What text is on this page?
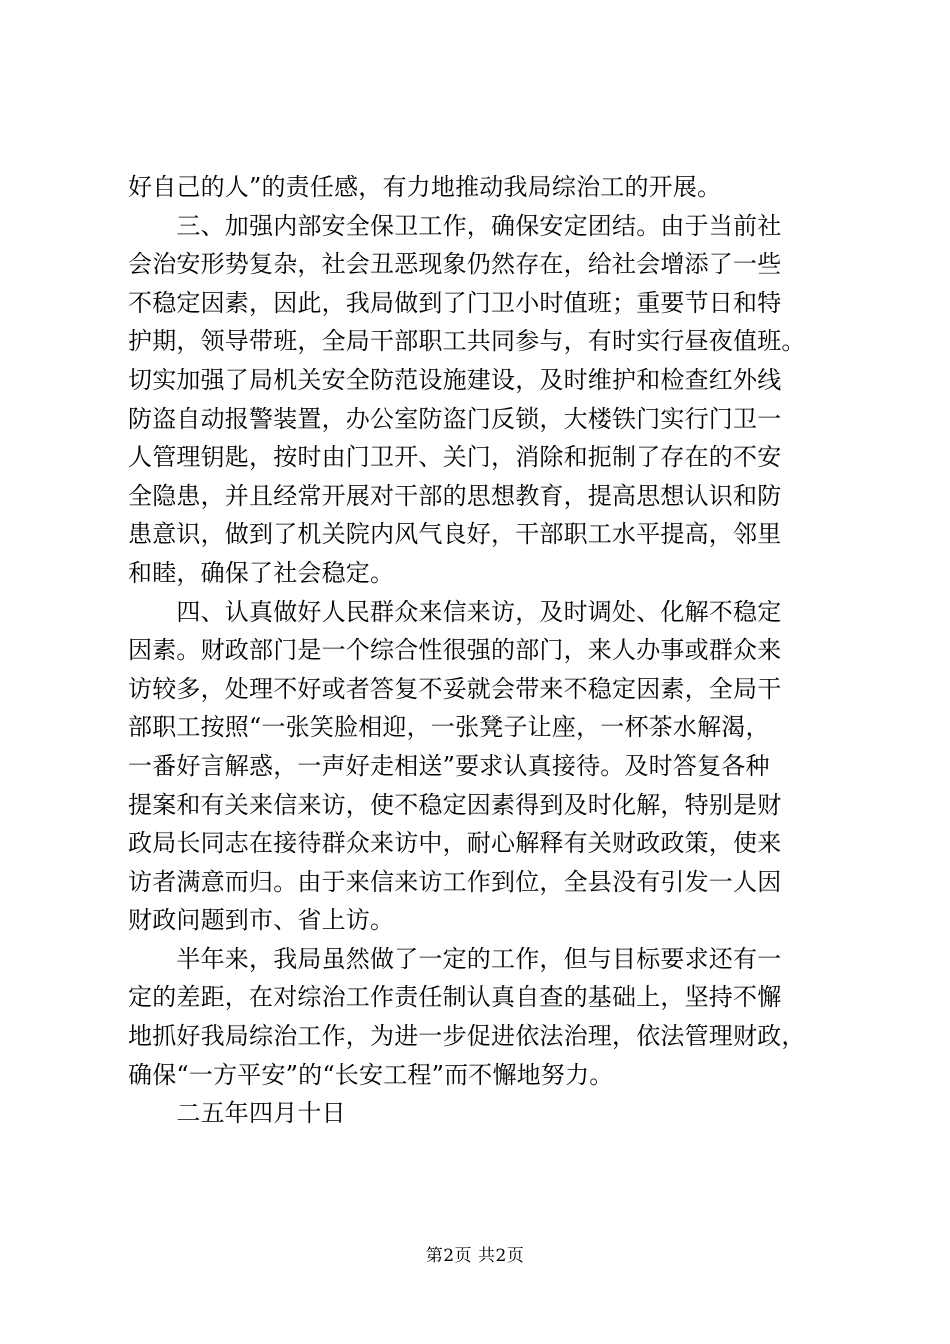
好自己的人”的责任感，有力地推动我局综治工的开展。
　　三、加强内部安全保卫工作，确保安定团结。由于当前社
会治安形势复杂，社会丑恶现象仍然存在，给社会增添了一些
不稳定因素，因此，我局做到了门卫小时值班；重要节日和特
护期，领导带班，全局干部职工共同参与，有时实行昼夜值班。
切实加强了局机关安全防范设施建设，及时维护和检查红外线
防盗自动报警装置，办公室防盗门反锁，大楼铁门实行门卫一
人管理钥匙，按时由门卫开、关门，消除和扼制了存在的不安
全隐患，并且经常开展对干部的思想教育，提高思想认识和防
患意识，做到了机关院内风气良好，干部职工水平提高，邻里
和睦，确保了社会稳定。
　　四、认真做好人民群众来信来访，及时调处、化解不稳定
因素。财政部门是一个综合性很强的部门，来人办事或群众来
访较多，处理不好或者答复不妥就会带来不稳定因素，全局干
部职工按照“一张笑脸相迎，一张凳子让座，一杯茶水解渴，
一番好言解惑，一声好走相送”要求认真接待。及时答复各种
提案和有关来信来访，使不稳定因素得到及时化解，特别是财
政局长同志在接待群众来访中，耐心解释有关财政政策，使来
访者满意而归。由于来信来访工作到位，全县没有引发一人因
财政问题到市、省上访。
　　半年来，我局虽然做了一定的工作，但与目标要求还有一
定的差距，在对综治工作责任制认真自查的基础上，坚持不懈
地抓好我局综治工作，为进一步促进依法治理，依法管理财政，
确保“一方平安”的“长安工程”而不懈地努力。
　　二五年四月十日
第2页 共2页
